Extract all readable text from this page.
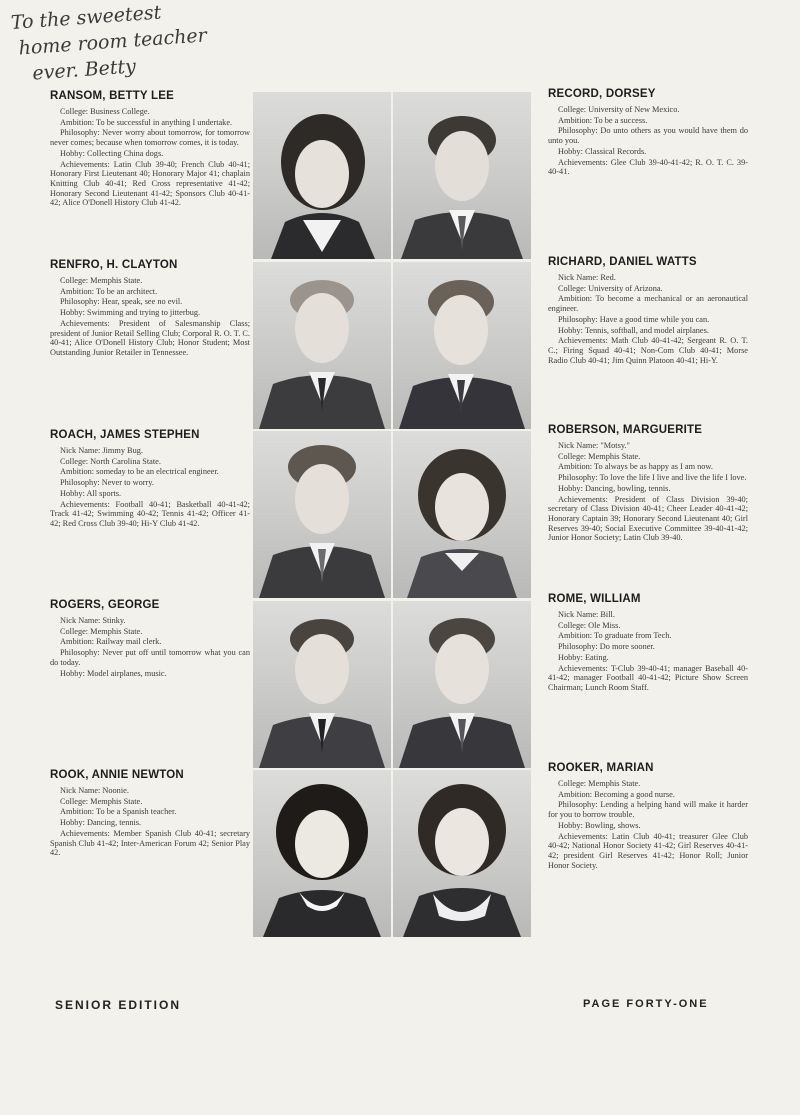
To the sweetest
home room teacher
ever. Betty
RANSOM, BETTY LEE
College: Business College.
Ambition: To be successful in anything I undertake.
Philosophy: Never worry about tomorrow, for tomorrow never comes; because when tomorrow comes, it is today.
Hobby: Collecting China dogs.
Achievements: Latin Club 39-40; French Club 40-41; Honorary First Lieutenant 40; Honorary Major 41; chaplain Knitting Club 40-41; Red Cross representative 41-42; Honorary Second Lieutenant 41-42; Sponsors Club 40-41-42; Alice O'Donell History Club 41-42.
RENFRO, H. CLAYTON
College: Memphis State.
Ambition: To be an architect.
Philosophy: Hear, speak, see no evil.
Hobby: Swimming and trying to jitterbug.
Achievements: President of Salesmanship Class; president of Junior Retail Selling Club; Corporal R. O. T. C. 40-41; Alice O'Donell History Club; Honor Student; Most Outstanding Junior Retailer in Tennessee.
ROACH, JAMES STEPHEN
Nick Name: Jimmy Bug.
College: North Carolina State.
Ambition: someday to be an electrical engineer.
Philosophy: Never to worry.
Hobby: All sports.
Achievements: Football 40-41; Basketball 40-41-42; Track 41-42; Swimming 40-42; Tennis 41-42; Officer 41-42; Red Cross Club 39-40; Hi-Y Club 41-42.
ROGERS, GEORGE
Nick Name: Stinky.
College: Memphis State.
Ambition: Railway mail clerk.
Philosophy: Never put off until tomorrow what you can do today.
Hobby: Model airplanes, music.
ROOK, ANNIE NEWTON
Nick Name: Noonie.
College: Memphis State.
Ambition: To be a Spanish teacher.
Hobby: Dancing, tennis.
Achievements: Member Spanish Club 40-41; secretary Spanish Club 41-42; Inter-American Forum 42; Senior Play 42.
RECORD, DORSEY
College: University of New Mexico.
Ambition: To be a success.
Philosophy: Do unto others as you would have them do unto you.
Hobby: Classical Records.
Achievements: Glee Club 39-40-41-42; R. O. T. C. 39-40-41.
RICHARD, DANIEL WATTS
Nick Name: Red.
College: University of Arizona.
Ambition: To become a mechanical or an aeronautical engineer.
Philosophy: Have a good time while you can.
Hobby: Tennis, softball, and model airplanes.
Achievements: Math Club 40-41-42; Sergeant R. O. T. C.; Firing Squad 40-41; Non-Com Club 40-41; Morse Radio Club 40-41; Jim Quinn Platoon 40-41; Hi-Y.
ROBERSON, MARGUERITE
Nick Name: "Motsy."
College: Memphis State.
Ambition: To always be as happy as I am now.
Philosophy: To love the life I live and live the life I love.
Hobby: Dancing, bowling, tennis.
Achievements: President of Class Division 39-40; secretary of Class Division 40-41; Cheer Leader 40-41-42; Honorary Captain 39; Honorary Second Lieutenant 40; Girl Reserves 39-40; Social Executive Committee 39-40-41-42; Junior Honor Society; Latin Club 39-40.
ROME, WILLIAM
Nick Name: Bill.
College: Ole Miss.
Ambition: To graduate from Tech.
Philosophy: Do more sooner.
Hobby: Eating.
Achievements: T-Club 39-40-41; manager Baseball 40-41-42; manager Football 40-41-42; Picture Show Screen Chairman; Lunch Room Staff.
ROOKER, MARIAN
College: Memphis State.
Ambition: Becoming a good nurse.
Philosophy: Lending a helping hand will make it harder for you to borrow trouble.
Hobby: Bowling, shows.
Achievements: Latin Club 40-41; treasurer Glee Club 40-42; National Honor Society 41-42; Girl Reserves 40-41-42; president Girl Reserves 41-42; Honor Roll; Junior Honor Society.
SENIOR EDITION	PAGE FORTY-ONE
